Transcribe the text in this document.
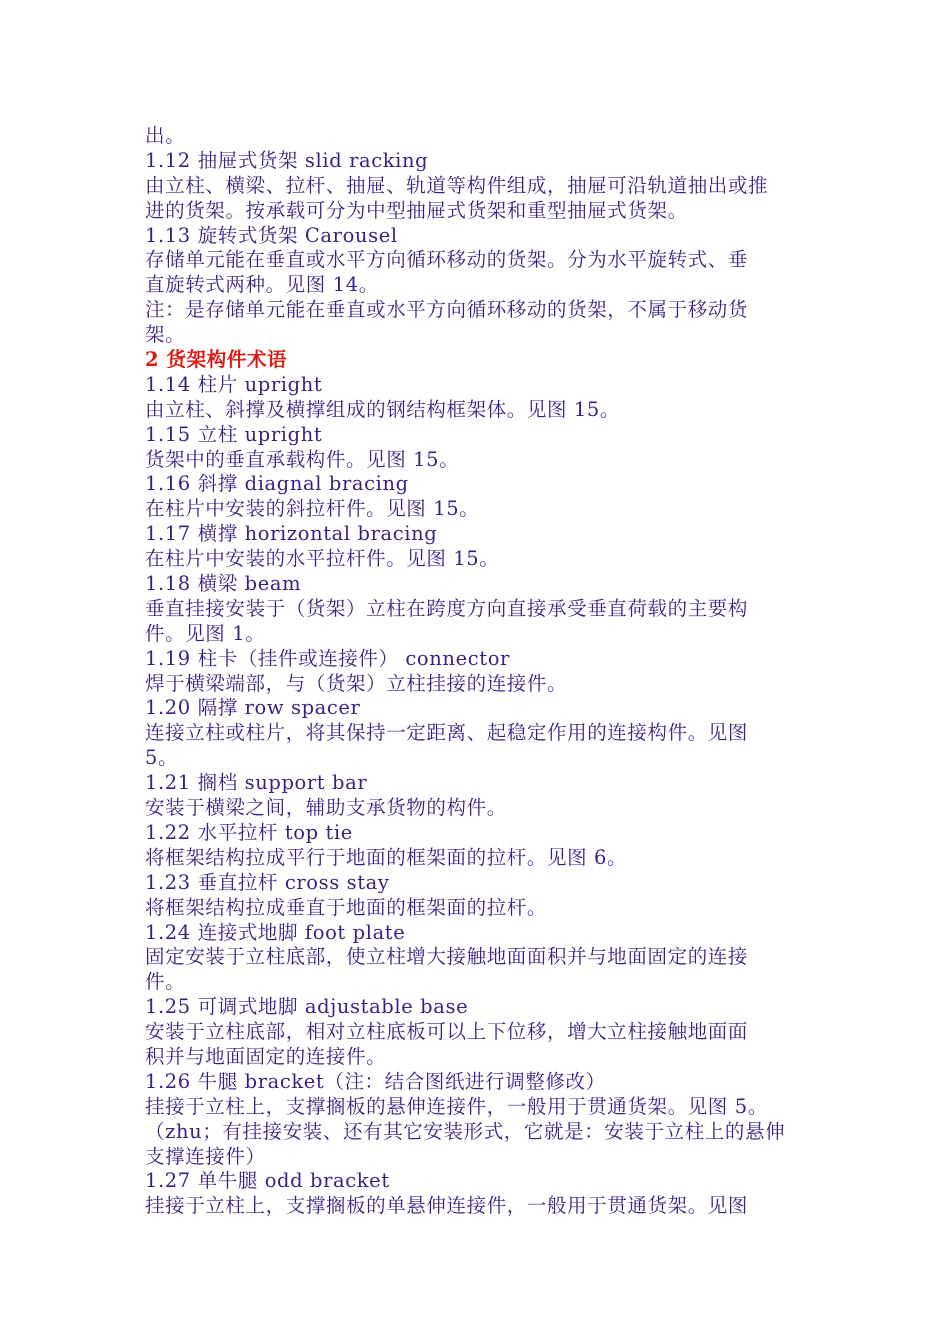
出。
1.12 抽屉式货架 slid racking
由立柱、横梁、拉杆、抽屉、轨道等构件组成，抽屉可沿轨道抽出或推
进的货架。按承载可分为中型抽屉式货架和重型抽屉式货架。
1.13 旋转式货架 Carousel
存储单元能在垂直或水平方向循环移动的货架。分为水平旋转式、垂
直旋转式两种。见图 14。
注：是存储单元能在垂直或水平方向循环移动的货架，不属于移动货
架。
2 货架构件术语
1.14 柱片 upright
由立柱、斜撑及横撑组成的钢结构框架体。见图 15。
1.15 立柱 upright
货架中的垂直承载构件。见图 15。
1.16 斜撑 diagnal bracing
在柱片中安装的斜拉杆件。见图 15。
1.17 横撑 horizontal bracing
在柱片中安装的水平拉杆件。见图 15。
1.18 横梁 beam
垂直挂接安装于（货架）立柱在跨度方向直接承受垂直荷载的主要构
件。见图 1。
1.19 柱卡（挂件或连接件） connector
焊于横梁端部，与（货架）立柱挂接的连接件。
1.20 隔撑 row spacer
连接立柱或柱片，将其保持一定距离、起稳定作用的连接构件。见图
5。
1.21 搁档 support bar
安装于横梁之间，辅助支承货物的构件。
1.22 水平拉杆 top tie
将框架结构拉成平行于地面的框架面的拉杆。见图 6。
1.23 垂直拉杆 cross stay
将框架结构拉成垂直于地面的框架面的拉杆。
1.24 连接式地脚 foot plate
固定安装于立柱底部，使立柱增大接触地面面积并与地面固定的连接
件。
1.25 可调式地脚 adjustable base
安装于立柱底部，相对立柱底板可以上下位移，增大立柱接触地面面
积并与地面固定的连接件。
1.26 牛腿 bracket（注：结合图纸进行调整修改）
挂接于立柱上，支撑搁板的悬伸连接件，一般用于贯通货架。见图 5。
（zhu；有挂接安装、还有其它安装形式，它就是：安装于立柱上的悬伸
支撑连接件）
1.27 单牛腿 odd bracket
挂接于立柱上，支撑搁板的单悬伸连接件，一般用于贯通货架。见图
